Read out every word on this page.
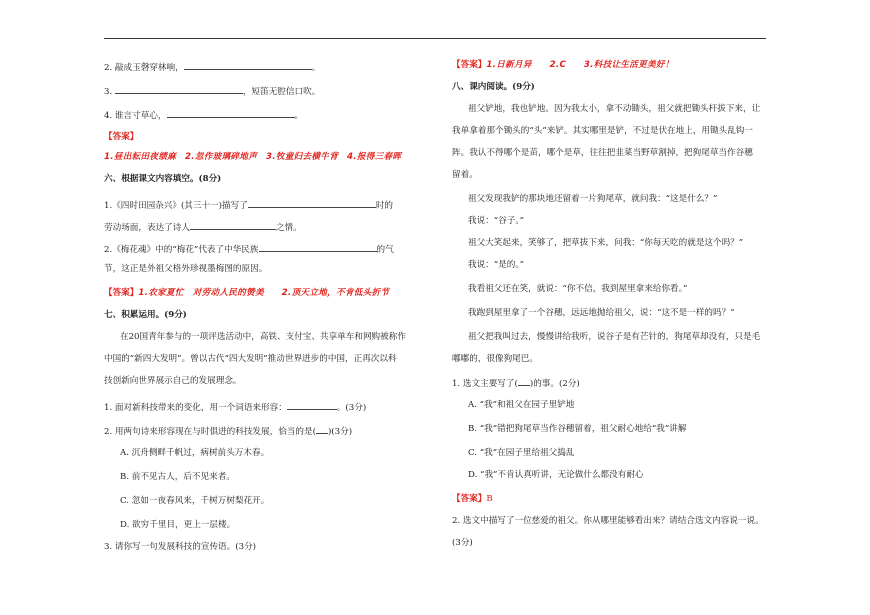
2. 敲成玉磬穿林响，	。
3.	，短笛无腔信口吹。
4. 谁言寸草心，	。
【答案】
1.昼出耘田夜绩麻　2.忽作玻璃碎地声　3.牧童归去横牛背　4.报得三春晖
六、根据课文内容填空。(8分)
1.《四时田园杂兴》(其三十一)描写了	时的
劳动场面，表达了诗人	之情。
2.《梅花魂》中的“梅花”代表了中华民族	的气
节，这正是外祖父格外珍视墨梅图的原因。
【答案】1.农家夏忙　对劳动人民的赞美　　2.顶天立地，不肯低头折节
七、积累运用。(9分)
在20国青年参与的一项评选活动中，高铁、支付宝、共享单车和网购被称作
中国的“新四大发明”。曾以古代“四大发明”推动世界进步的中国，正再次以科
技创新向世界展示自己的发展理念。
1. 面对新科技带来的变化，用一个词语来形容：	。(3分)
2. 用两句诗来形容现在与时俱进的科技发展，恰当的是( )(3分)
A. 沉舟侧畔千帆过，病树前头万木春。
B. 前不见古人，后不见来者。
C. 忽如一夜春风来，千树万树梨花开。
D. 欲穷千里目，更上一层楼。
3. 请你写一句发展科技的宣传语。(3分)
【答案】1.日新月异　　2.C　　3.科技让生活更美好！
八、课内阅读。(9分)
祖父铲地，我也铲地。因为我太小，拿不动锄头，祖父就把锄头杆拔下来，让
我单拿着那个锄头的“头”来铲。其实哪里是铲，不过是伏在地上，用锄头乱钩一
阵。我认不得哪个是苗，哪个是草，往往把韭菜当野草割掉，把狗尾草当作谷穗
留着。
祖父发现我铲的那块地还留着一片狗尾草，就问我：“这是什么？”
我说：“谷子。”
祖父大笑起来，笑够了，把草拔下来，问我：“你每天吃的就是这个吗？”
我说：“是的。”
我看祖父还在笑，就说：“你不信，我到屋里拿来给你看。”
我跑到屋里拿了一个谷穗，远远地抛给祖父，说：“这不是一样的吗？”
祖父把我叫过去，慢慢讲给我听，说谷子是有芒针的，狗尾草却没有，只是毛
嘟嘟的，很像狗尾巴。
1. 选文主要写了( )的事。(2分)
A. “我”和祖父在园子里铲地
B. “我”错把狗尾草当作谷穗留着，祖父耐心地给“我”讲解
C. “我”在园子里给祖父捣乱
D. “我”不肯认真听讲，无论做什么都没有耐心
【答案】B
2. 选文中描写了一位慈爱的祖父。你从哪里能够看出来？请结合选文内容说一说。
(3分)
